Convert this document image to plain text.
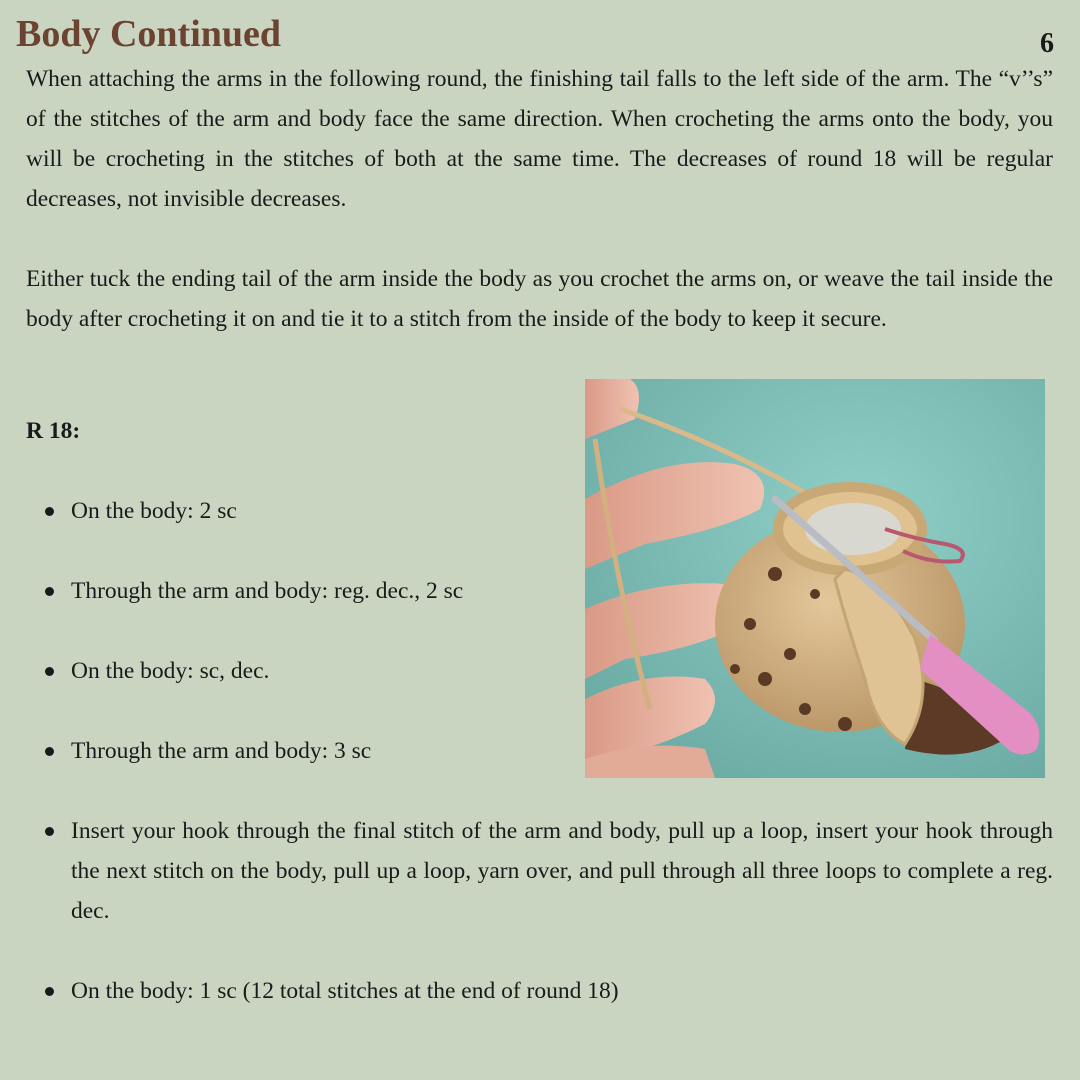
Body Continued	6

When attaching the arms in the following round, the finishing tail falls to the left side of the arm. The “v’’s” of the stitches of the arm and body face the same direction. When crocheting the arms onto the body, you will be crocheting in the stitches of both at the same time. The decreases of round 18 will be regular decreases, not invisible decreases.

Either tuck the ending tail of the arm inside the body as you crochet the arms on, or weave the tail inside the body after crocheting it on and tie it to a stitch from the inside of the body to keep it secure.

R 18:

On the body: 2 sc

Through the arm and body: reg. dec., 2 sc

On the body: sc, dec.

Through the arm and body: 3 sc

Insert your hook through the final stitch of the arm and body, pull up a loop, insert your hook through the next stitch on the body, pull up a loop, yarn over, and pull through all three loops to complete a reg. dec.

On the body: 1 sc (12 total stitches at the end of round 18)
